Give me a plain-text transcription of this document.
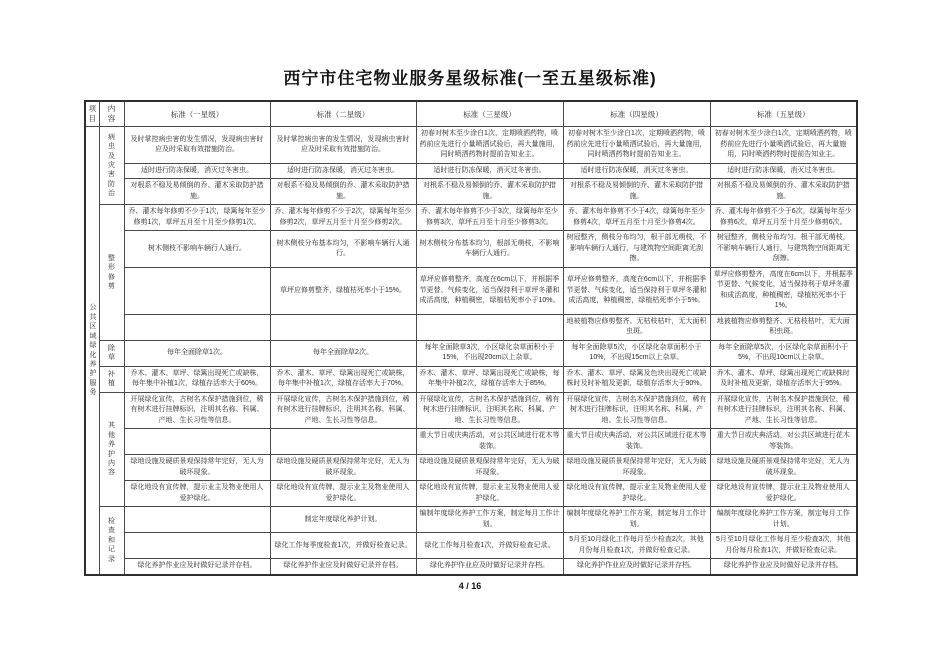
西宁市住宅物业服务星级标准(一至五星级标准)
项目	内容	标准（一星级）	标准（二星级）	标准（三星级）	标准（四星级）	标准（五星级）

公共区域绿化养护服务	病虫及灾害防治	及时掌控病虫害的发生情况，发现病虫害时应及时采取有效措施防治。	及时掌控病虫害的发生情况，发现病虫害时应及时采取有效措施防治。	初春对树木至少涂白1次，定期喷洒药物，喷药前应先进行小量喷洒试验后，再大量施用，同时喷洒药物时提前告知业主。	初春对树木至少涂白1次，定期喷洒药物，喷药前应先进行小量喷洒试验后，再大量施用，同时喷洒药物时提前告知业主。	初春对树木至少涂白1次，定期喷洒药物，喷药前应先进行小量喷洒试验后，再大量施用，同时喷洒药物时提前告知业主。
		适时进行防冻保暖，消灭过冬害虫。	适时进行防冻保暖，消灭过冬害虫。	适时进行防冻保暖，消灭过冬害虫。	适时进行防冻保暖，消灭过冬害虫。	适时进行防冻保暖，消灭过冬害虫。
		对根系不稳及易倾倒的乔、灌木采取防护措施。	对根系不稳及易倾倒的乔、灌木采取防护措施。	对根系不稳及易倾倒的乔、灌木采取防护措施。	对根系不稳及易倾倒的乔、灌木采取防护措施。	对根系不稳及易倾倒的乔、灌木采取防护措施。

	整形修剪	乔、灌木每年修剪不少于1次，绿篱每年至少修剪1次，草坪五月至十月至少修剪1次。	乔、灌木每年修剪不少于2次，绿篱每年至少修剪2次，草坪五月至十月至少修剪2次。	乔、灌木每年修剪不少于3次，绿篱每年至少修剪3次，草坪五月至十月至少修剪3次。	乔、灌木每年修剪不少于4次，绿篱每年至少修剪4次，草坪五月至十月至少修剪4次。	乔、灌木每年修剪不少于6次，绿篱每年至少修剪6次，草坪五月至十月至少修剪6次。
		树木侧枝不影响车辆行人通行。	树木侧枝分布基本均匀，不影响车辆行人通行。	树木侧枝分布基本均匀，根部无萌枝，不影响车辆行人通行。	树冠整齐，侧枝分布均匀，根干部无萌枝，不影响车辆行人通行，与建筑物空间距离无刮擦。	树冠整齐，侧枝分布均匀，根干部无萌枝，不影响车辆行人通行，与建筑物空间距离无刮擦。
			草坪应修剪整齐，绿植枯死率小于15%。	草坪应修剪整齐，高度在6cm以下，并根据季节更替、气候变化，适当保持利于草坪冬灌和成活高度，种植稠密，绿植枯死率小于10%。	草坪应修剪整齐，高度在6cm以下，并根据季节更替、气候变化，适当保持利于草坪冬灌和成活高度，种植稠密，绿植枯死率小于5%。	草坪应修剪整齐，高度在6cm以下，并根据季节更替、气候变化，适当保持利于草坪冬灌和成活高度，种植稠密，绿植枯死率小于1%。
					地被植物应修剪整齐、无枯枝枯叶，无大面积虫斑。	地被植物应修剪整齐、无枯枝枯叶，无大面积虫斑。

	除草	每年全面除草1次。	每年全面除草2次。	每年全面除草3次，小区绿化杂草面积小于15%，不出现20cm以上杂草。	每年全面除草5次，小区绿化杂草面积小于10%，不出现15cm以上杂草。	每年全面除草5次，小区绿化杂草面积小于5%，不出现10cm以上杂草。

	补植	乔木、灌木、草坪、绿篱出现死亡或缺株，每年集中补植1次，绿植存活率大于60%。	乔木、灌木、草坪、绿篱出现死亡或缺株，每年集中补植1次，绿植存活率大于70%。	乔木、灌木、草坪、绿篱出现死亡或缺株，每年集中补植2次，绿植存活率大于85%。	乔木、灌木、草坪、绿篱及色块出现死亡或缺株时及时补植及更新，绿植存活率大于90%。	乔木、灌木、草坪、绿篱出现死亡或缺株时及时补植及更新，绿植存活率大于95%。

	其他养护内容	开展绿化宣传，古树名木保护措施到位，稀有树木进行挂牌标识，注明其名称、科属、产地、生长习性等信息。	开展绿化宣传，古树名木保护措施到位，稀有树木进行挂牌标识，注明其名称、科属、产地、生长习性等信息。	开展绿化宣传，古树名木保护措施到位，稀有树木进行挂牌标识，注明其名称、科属、产地、生长习性等信息。	开展绿化宣传，古树名木保护措施到位，稀有树木进行挂牌标识，注明其名称、科属、产地、生长习性等信息。	开展绿化宣传，古树名木保护措施到位，稀有树木进行挂牌标识，注明其名称、科属、产地、生长习性等信息。
				重大节日或庆典活动，对公共区域进行花木等装饰。	重大节日或庆典活动，对公共区域进行花木等装饰。	重大节日或庆典活动，对公共区域进行花木等装饰。
		绿地设施及硬质景观保持常年完好，无人为破坏现象。	绿地设施及硬质景观保持常年完好，无人为破坏现象。	绿地设施及硬质景观保持常年完好，无人为破坏现象。	绿地设施及硬质景观保持常年完好，无人为破坏现象。	绿地设施及硬质景观保持常年完好，无人为破坏现象。
		绿化地设有宣传牌，提示业主及物业使用人爱护绿化。	绿化地设有宣传牌，提示业主及物业使用人爱护绿化。	绿化地设有宣传牌，提示业主及物业使用人爱护绿化。	绿化地设有宣传牌，提示业主及物业使用人爱护绿化。	绿化地设有宣传牌，提示业主及物业使用人爱护绿化。

	检查和记录		制定年度绿化养护计划。	编制年度绿化养护工作方案，制定每月工作计划。	编制年度绿化养护工作方案，制定每月工作计划。	编制年度绿化养护工作方案，制定每月工作计划。
			绿化工作每季度检查1次，并做好检查记录。	绿化工作每月检查1次，并做好检查记录。	5月至10月绿化工作每月至少检查2次，其他月份每月检查1次，并做好检查记录。	5月至10月绿化工作每月至少检查3次，其他月份每月检查1次，并做好检查记录。
		绿化养护作业应及时做好记录并存档。	绿化养护作业应及时做好记录并存档。	绿化养护作业应及时做好记录并存档。	绿化养护作业应及时做好记录并存档。	绿化养护作业应及时做好记录并存档。
4 / 16
